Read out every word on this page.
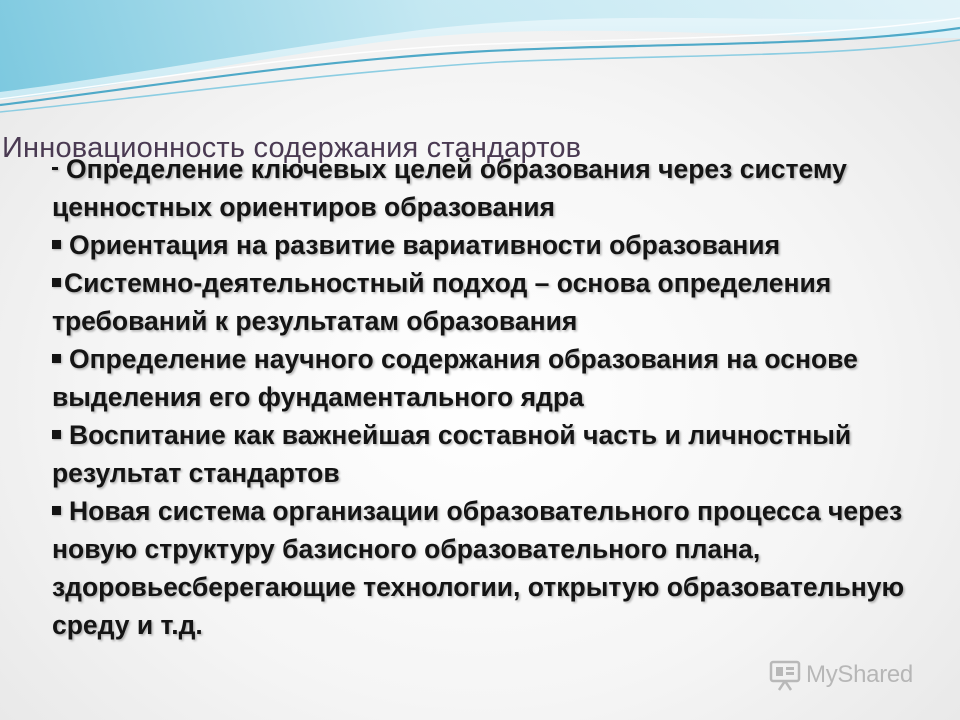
Определение ключевых целей образования через систему ценностных ориентиров образования
Ориентация на развитие вариативности образования
Системно-деятельностный подход – основа определения требований к результатам образования
Определение научного содержания образования на основе выделения его фундаментального ядра
Воспитание как важнейшая составной часть и личностный результат стандартов
Новая система организации образовательного процесса через новую структуру базисного образовательного плана, здоровьесберегающие технологии, открытую образовательную среду и т.д.
Инновационность содержания стандартов
MyShared
